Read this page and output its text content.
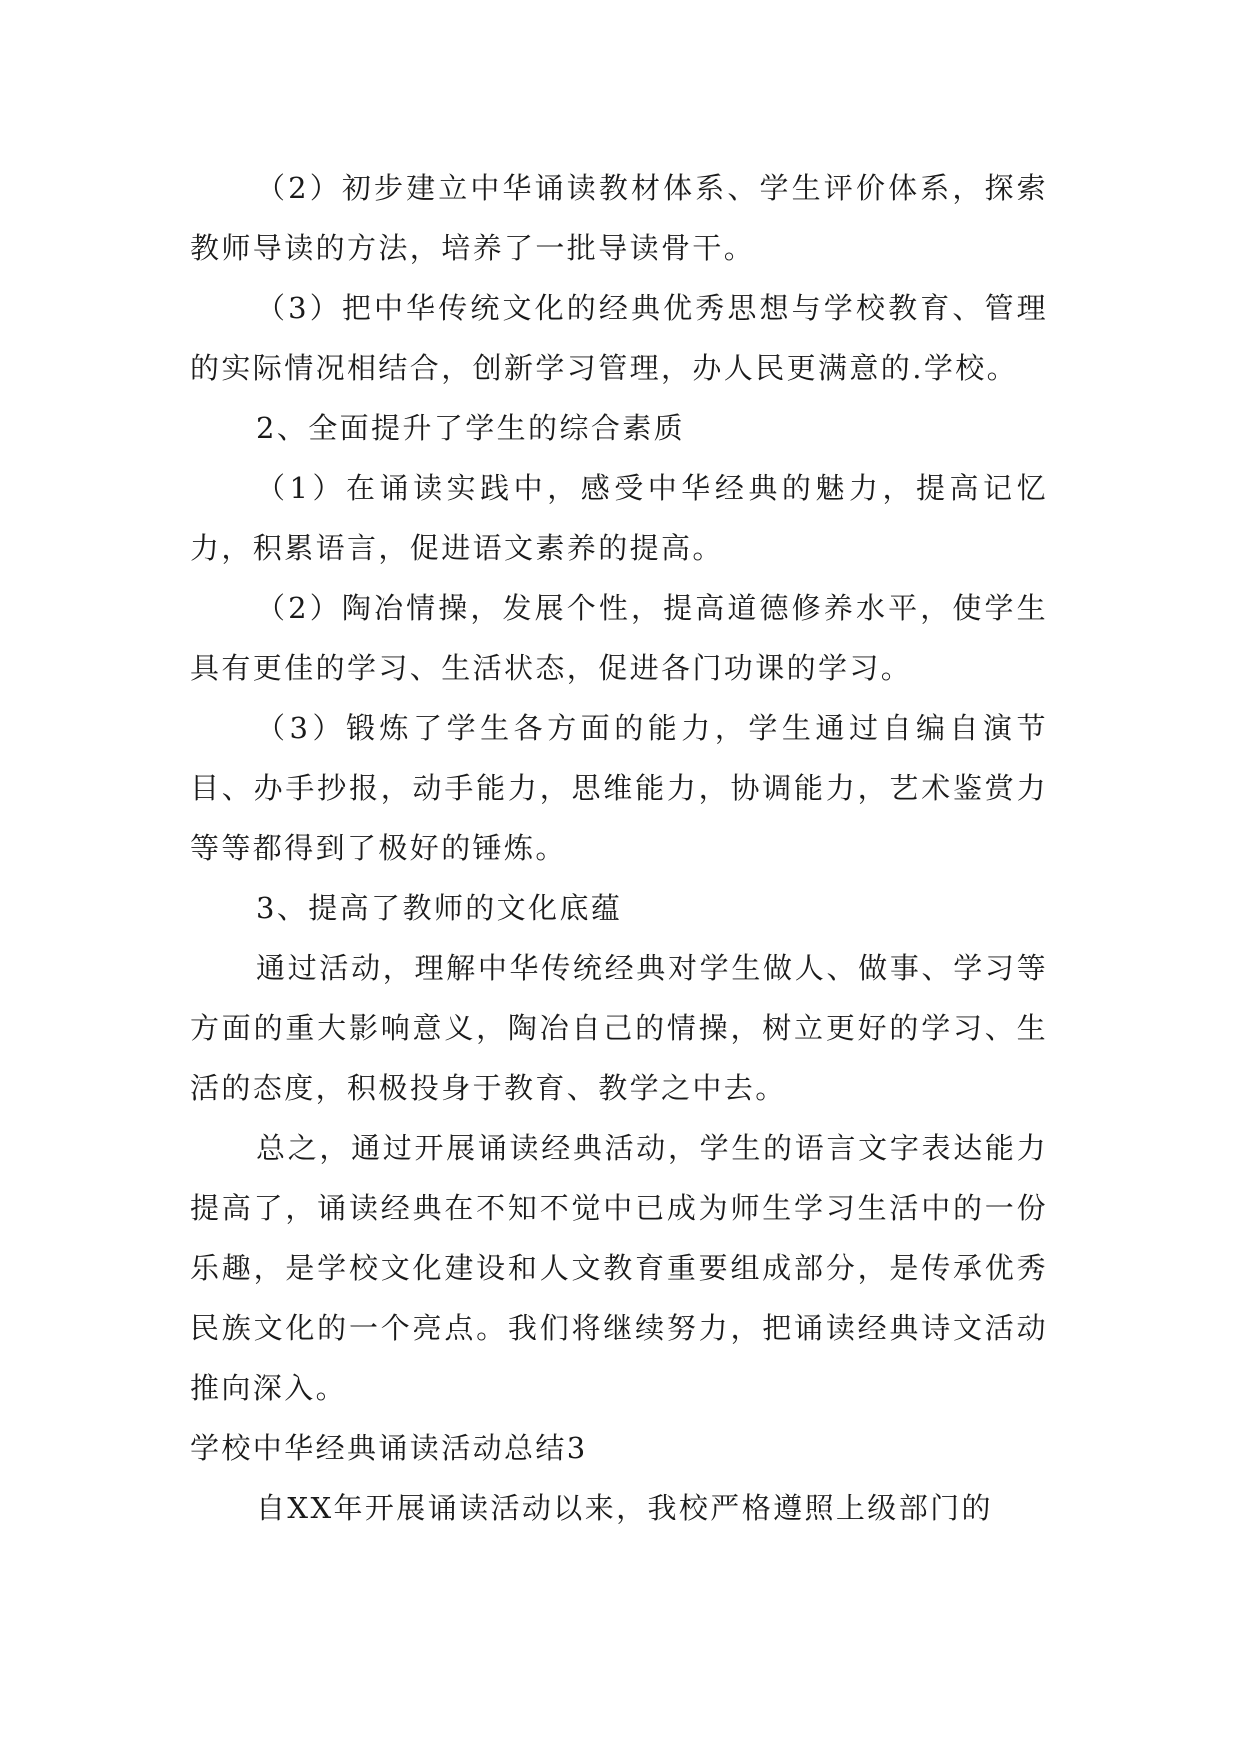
（2）初步建立中华诵读教材体系、学生评价体系，探索教师导读的方法，培养了一批导读骨干。

（3）把中华传统文化的经典优秀思想与学校教育、管理的实际情况相结合，创新学习管理，办人民更满意的.学校。

2、全面提升了学生的综合素质

（1）在诵读实践中，感受中华经典的魅力，提高记忆力，积累语言，促进语文素养的提高。

（2）陶冶情操，发展个性，提高道德修养水平，使学生具有更佳的学习、生活状态，促进各门功课的学习。

（3）锻炼了学生各方面的能力，学生通过自编自演节目、办手抄报，动手能力，思维能力，协调能力，艺术鉴赏力等等都得到了极好的锤炼。

3、提高了教师的文化底蕴

通过活动，理解中华传统经典对学生做人、做事、学习等方面的重大影响意义，陶冶自己的情操，树立更好的学习、生活的态度，积极投身于教育、教学之中去。

总之，通过开展诵读经典活动，学生的语言文字表达能力提高了，诵读经典在不知不觉中已成为师生学习生活中的一份乐趣，是学校文化建设和人文教育重要组成部分，是传承优秀民族文化的一个亮点。我们将继续努力，把诵读经典诗文活动推向深入。

学校中华经典诵读活动总结3

自XX年开展诵读活动以来，我校严格遵照上级部门的
